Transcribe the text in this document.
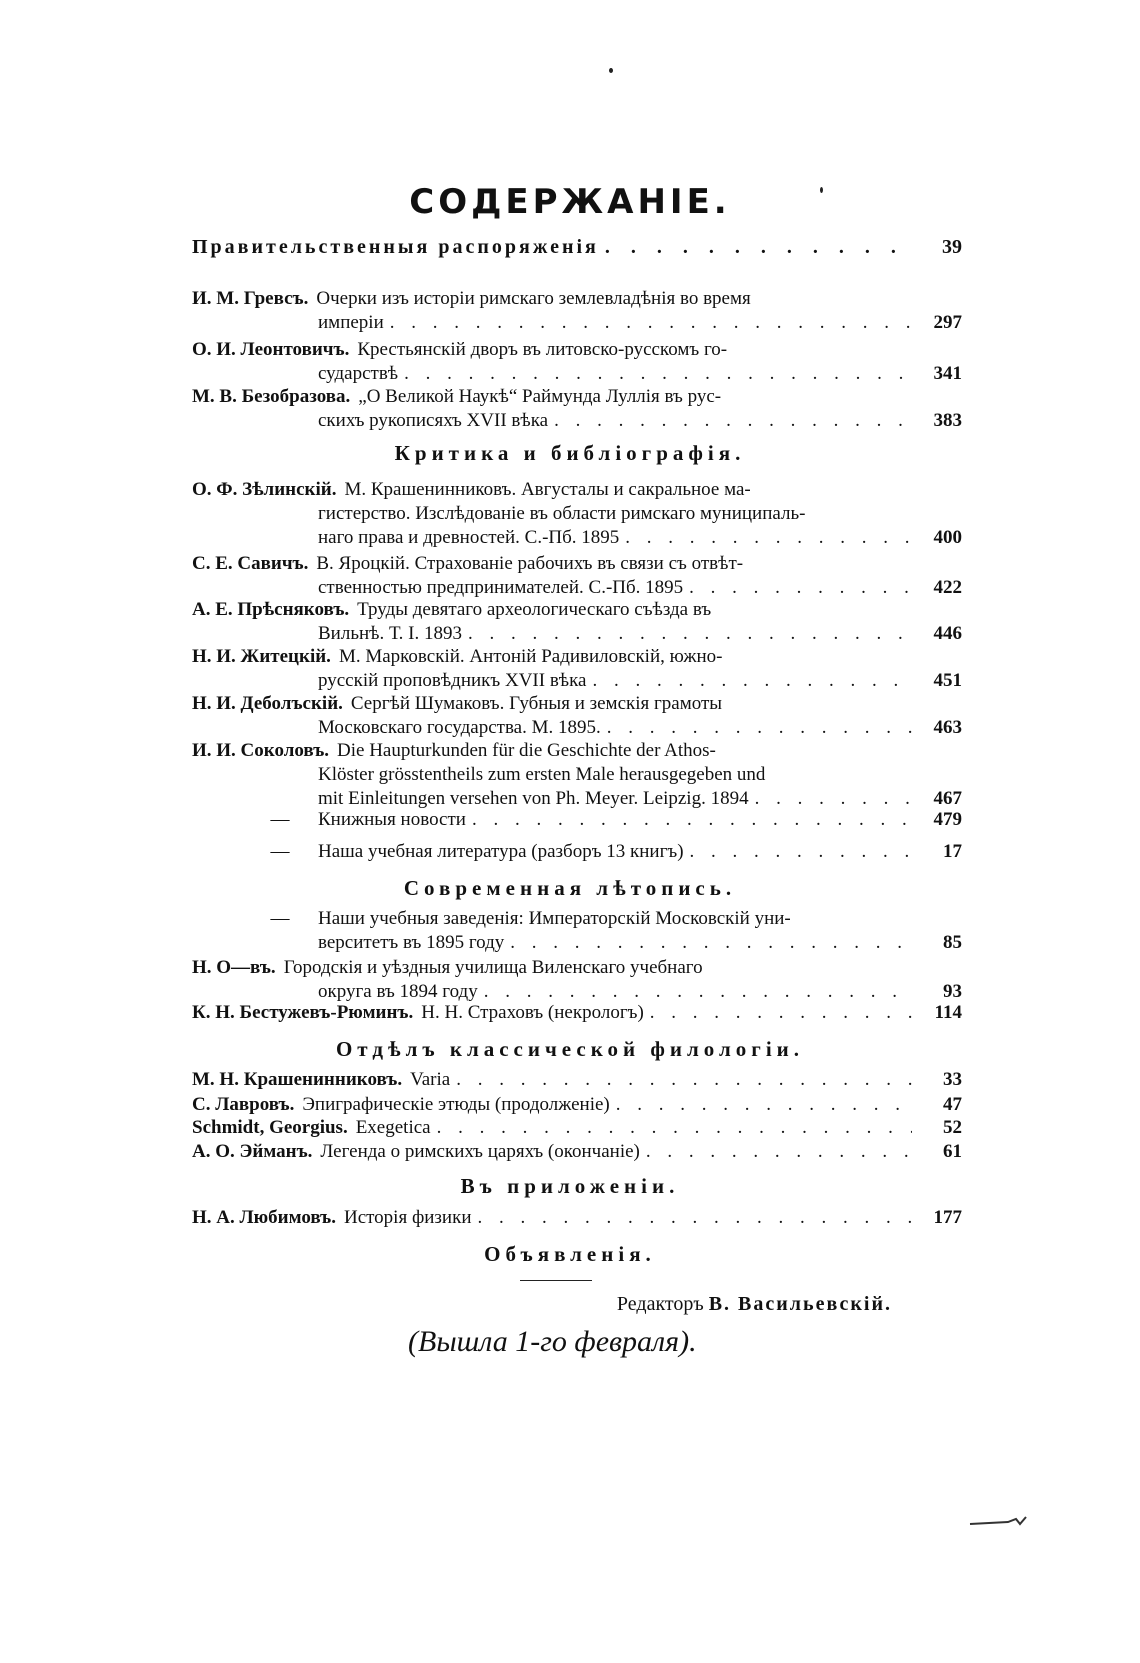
СОДЕРЖАНІЕ.
Правительственныя распоряженія . . .	39
И. М. Гревсъ. Очерки изъ исторіи римскаго землевладѣнія во время
имперіи . . .	297
О. И. Леонтовичъ. Крестьянскій дворъ въ литовско-русскомъ го-
сударствѣ . . .	341
М. В. Безобразова. „О Великой Наукѣ“ Раймунда Луллія въ рус-
скихъ рукописяхъ XVII вѣка . . .	383
Критика и библіографія.
О. Ф. Зѣлинскій. М. Крашенинниковъ. Августалы и сакральное ма-
гистерство. Изслѣдованіе въ области римскаго муниципаль-
наго права и древностей. С.-Пб. 1895 . . .	400
С. Е. Савичъ. В. Яроцкій. Страхованіе рабочихъ въ связи съ отвѣт-
ственностью предпринимателей. С.-Пб. 1895 . . .	422
А. Е. Прѣсняковъ. Труды девятаго археологическаго съѣзда въ
Вильнѣ. Т. I. 1893 . . .	446
Н. И. Житецкій. М. Марковскій. Антоній Радивиловскій, южно-
русскій проповѣдникъ XVII вѣка . . .	451
Н. И. Деболъскій. Сергѣй Шумаковъ. Губныя и земскія грамоты
Московскаго государства. М. 1895. . . .	463
И. И. Соколовъ. Die Haupturkunden für die Geschichte der Athos-
Klöster grösstentheils zum ersten Male herausgegeben und
mit Einleitungen versehen von Ph. Meyer. Leipzig. 1894 . . .	467
—	Книжныя новости . . .	479
—	Наша учебная литература (разборъ 13 книгъ) . . .	17
Современная лѣтопись.
—	Наши учебныя заведенія: Императорскій Московскій уни-
верситетъ въ 1895 году . . .	85
Н. О—въ. Городскія и уѣздныя училища Виленскаго учебнаго
округа въ 1894 году . . .	93
К. Н. Бестужевъ-Рюминъ. Н. Н. Страховъ (некрологъ) . . .	114
Отдѣлъ классической филологіи.
М. Н. Крашенинниковъ. Varia . . .	33
С. Лавровъ. Эпиграфическіе этюды (продолженіе) . . .	47
Schmidt, Georgius. Exegetica . . .	52
А. О. Эйманъ. Легенда о римскихъ царяхъ (окончаніе) . . .	61
Въ приложеніи.
Н. А. Любимовъ. Исторія физики . . .	177
Объявленія.
Редакторъ В. Васильевскій.
(Вышла 1-го февраля).
